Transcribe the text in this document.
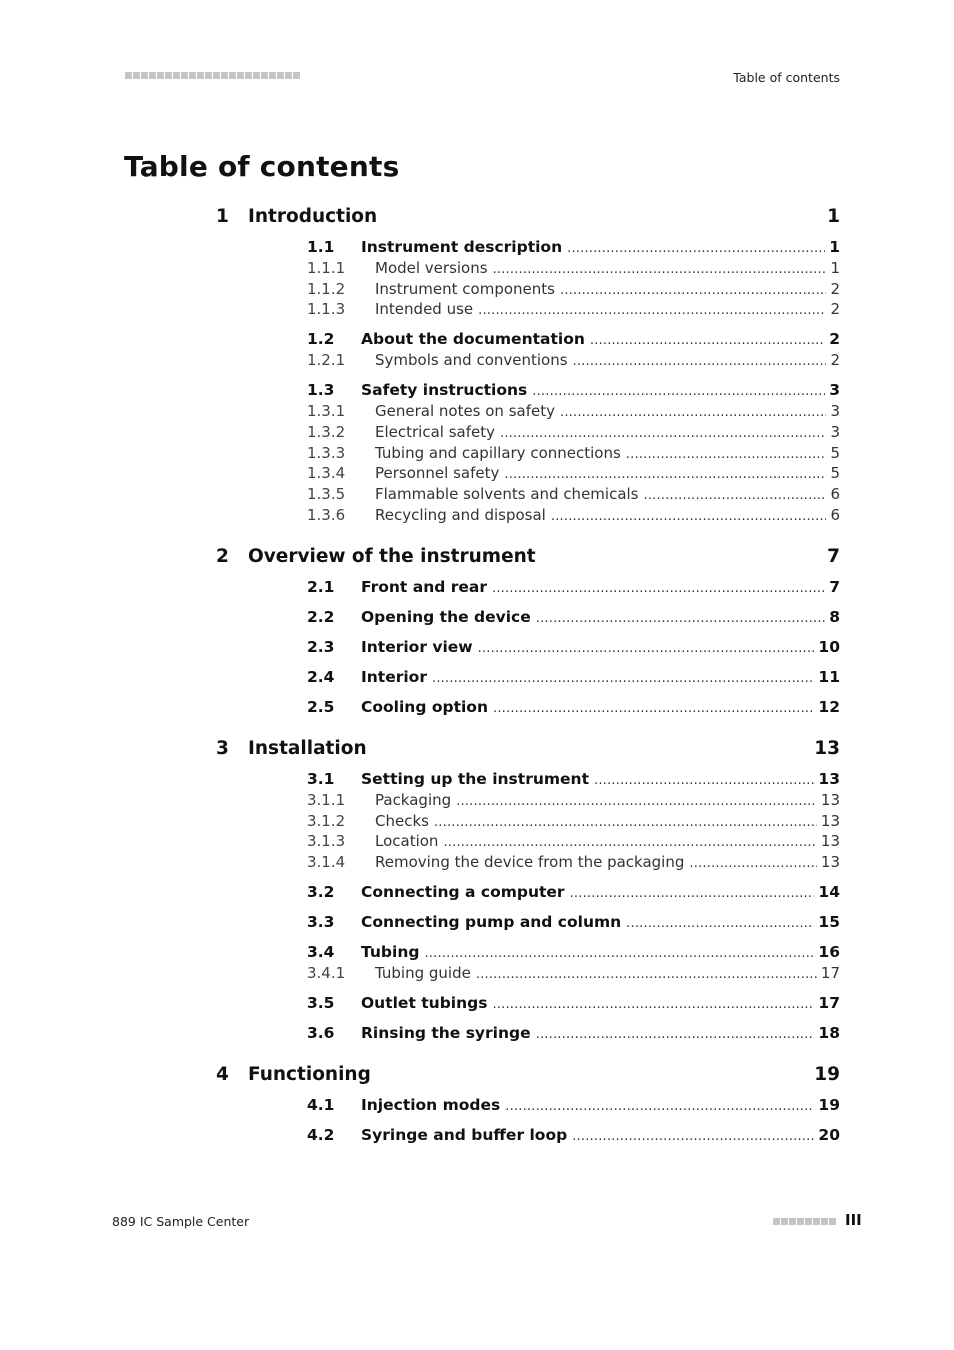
Table of contents
Table of contents
1	Introduction	1
1.1	Instrument description .....	1
1.1.1	Model versions .....	1
1.1.2	Instrument components .....	2
1.1.3	Intended use .....	2
1.2	About the documentation .....	2
1.2.1	Symbols and conventions .....	2
1.3	Safety instructions .....	3
1.3.1	General notes on safety .....	3
1.3.2	Electrical safety .....	3
1.3.3	Tubing and capillary connections .....	5
1.3.4	Personnel safety .....	5
1.3.5	Flammable solvents and chemicals .....	6
1.3.6	Recycling and disposal .....	6
2	Overview of the instrument	7
2.1	Front and rear .....	7
2.2	Opening the device .....	8
2.3	Interior view .....	10
2.4	Interior .....	11
2.5	Cooling option .....	12
3	Installation	13
3.1	Setting up the instrument .....	13
3.1.1	Packaging .....	13
3.1.2	Checks .....	13
3.1.3	Location .....	13
3.1.4	Removing the device from the packaging .....	13
3.2	Connecting a computer .....	14
3.3	Connecting pump and column .....	15
3.4	Tubing .....	16
3.4.1	Tubing guide .....	17
3.5	Outlet tubings .....	17
3.6	Rinsing the syringe .....	18
4	Functioning	19
4.1	Injection modes .....	19
4.2	Syringe and buffer loop .....	20
889 IC Sample Center	III
